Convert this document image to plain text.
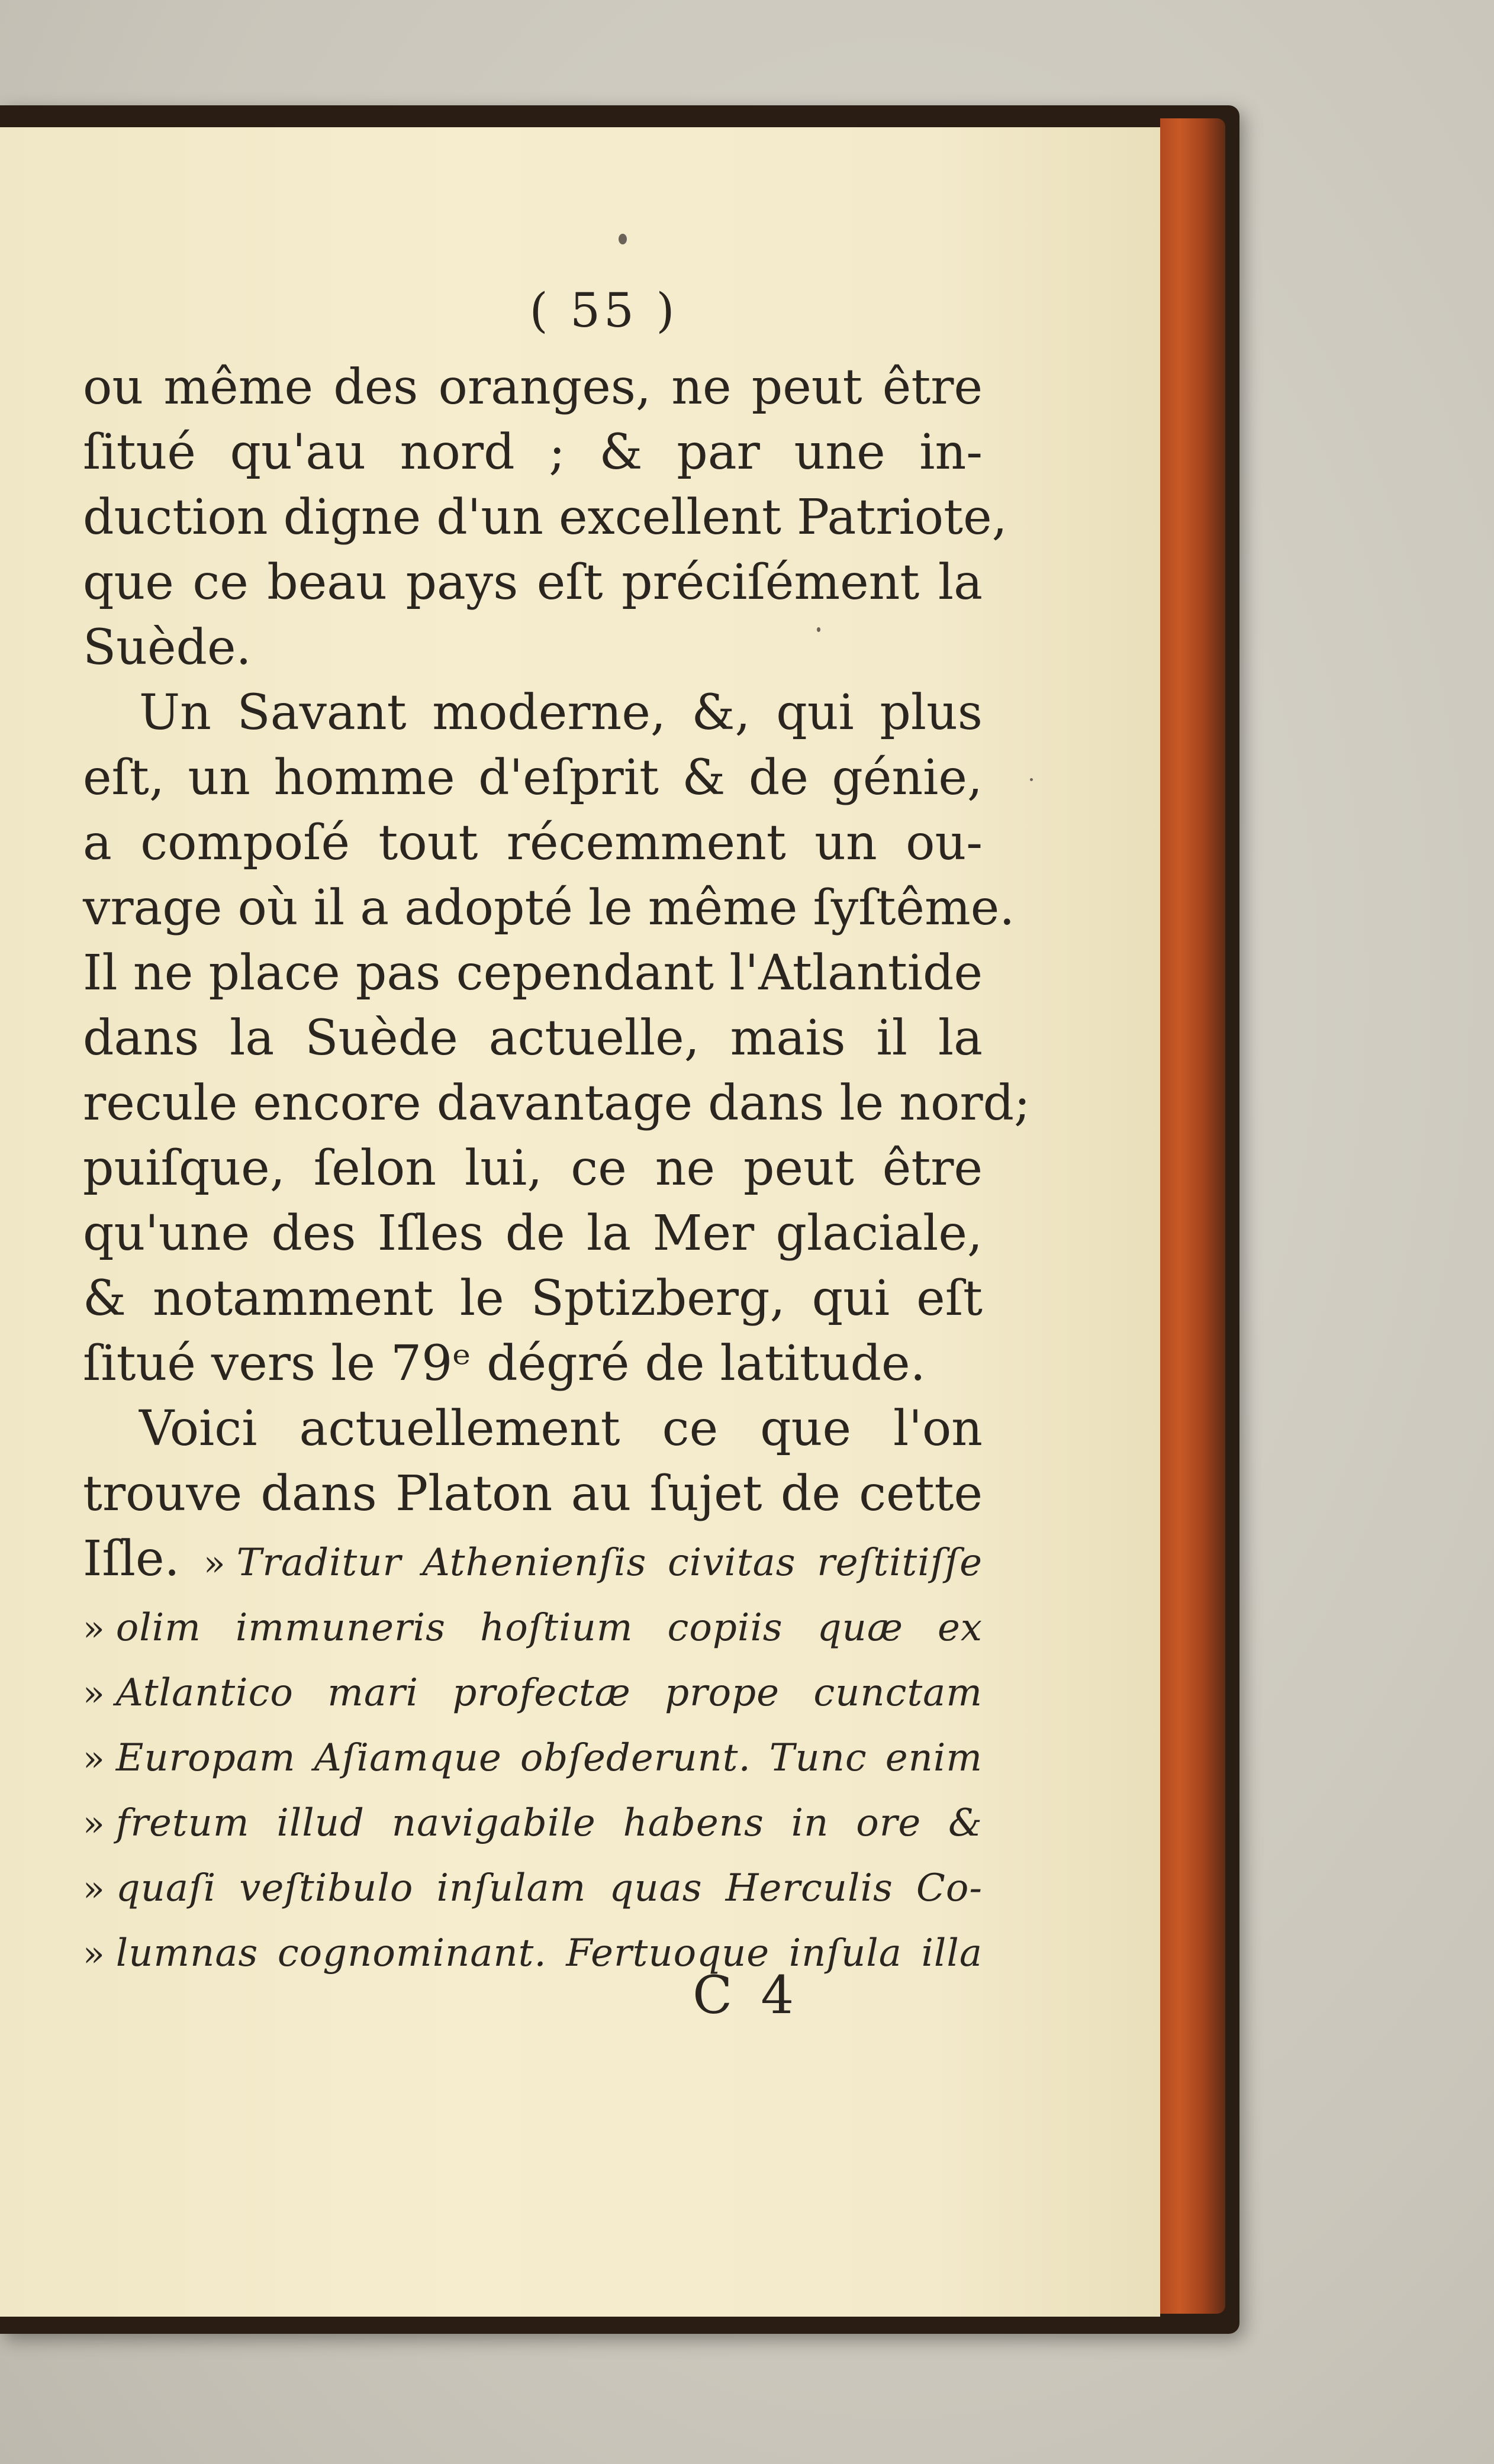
( 55 )
ou même des oranges, ne peut être
ſitué qu'au nord ; & par une in-
duction digne d'un excellent Patriote,
que ce beau pays eſt préciſément la
Suède.
Un Savant moderne, &, qui plus
eſt, un homme d'eſprit & de génie,
a compoſé tout récemment un ou-
vrage où il a adopté le même ſyſtême.
Il ne place pas cependant l'Atlantide
dans la Suède actuelle, mais il la
recule encore davantage dans le nord;
puiſque, ſelon lui, ce ne peut être
qu'une des Iſles de la Mer glaciale,
& notamment le Sptizberg, qui eſt
ſitué vers le 79ᵉ dégré de latitude.
Voici actuellement ce que l'on
trouve dans Platon au ſujet de cette
Iſle. » Traditur Athenienſis civitas reſtitiſſe
» olim immuneris hoſtium copiis quæ ex
» Atlantico mari profectæ prope cunctam
» Europam Aſiamque obſederunt. Tunc enim
» fretum illud navigabile habens in ore &
» quaſi veſtibulo inſulam quas Herculis Co-
» lumnas cognominant. Fertuoque inſula illa
C 4
